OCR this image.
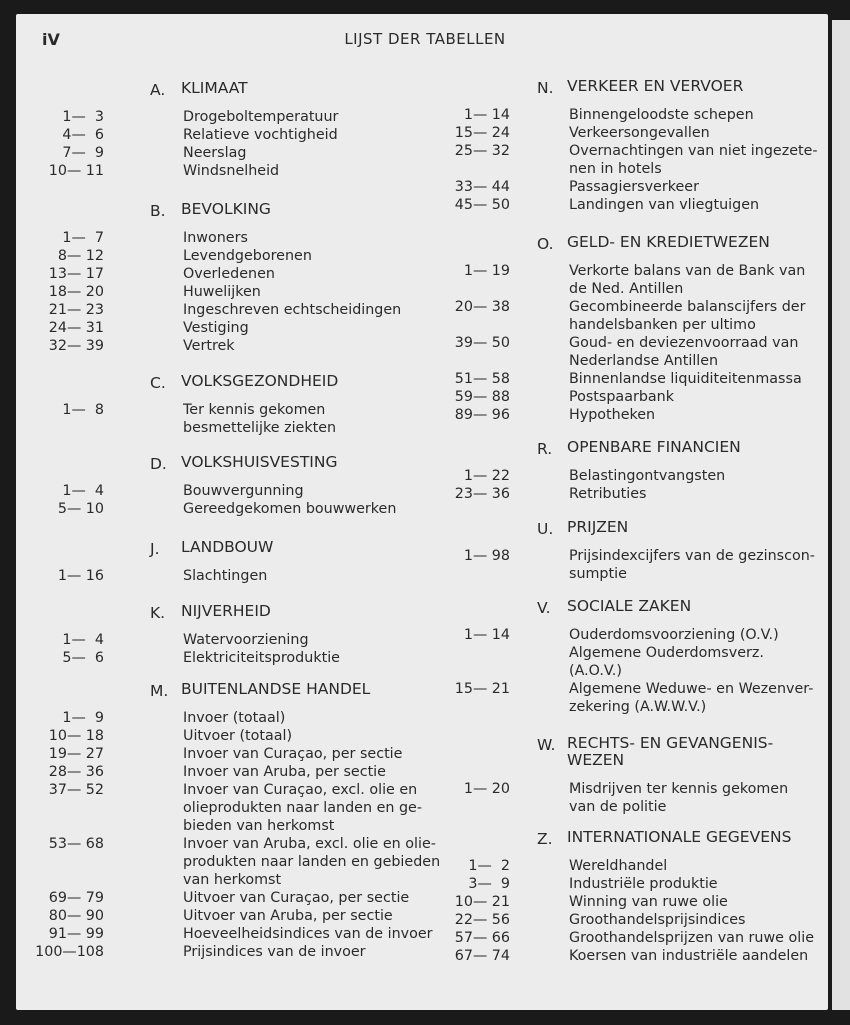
iV	LIJST DER TABELLEN
A. KLIMAAT
1—  3	Drogeboltemperatuur
4—  6	Relatieve vochtigheid
7—  9	Neerslag
10— 11	Windsnelheid
B. BEVOLKING
1—  7	Inwoners
8— 12	Levendgeborenen
13— 17	Overledenen
18— 20	Huwelijken
21— 23	Ingeschreven echtscheidingen
24— 31	Vestiging
32— 39	Vertrek
C. VOLKSGEZONDHEID
1—  8	Ter kennis gekomen
besmettelijke ziekten
D. VOLKSHUISVESTING
1—  4	Bouwvergunning
5— 10	Gereedgekomen bouwwerken
J. LANDBOUW
1— 16	Slachtingen
K. NIJVERHEID
1—  4	Watervoorziening
5—  6	Elektriciteitsproduktie
M. BUITENLANDSE HANDEL
1—  9	Invoer (totaal)
10— 18	Uitvoer (totaal)
19— 27	Invoer van Curaçao, per sectie
28— 36	Invoer van Aruba, per sectie
37— 52	Invoer van Curaçao, excl. olie en
olieprodukten naar landen en ge-
bieden van herkomst
53— 68	Invoer van Aruba, excl. olie en olie-
produkten naar landen en gebieden
van herkomst
69— 79	Uitvoer van Curaçao, per sectie
80— 90	Uitvoer van Aruba, per sectie
91— 99	Hoeveelheidsindices van de invoer
100—108	Prijsindices van de invoer
N. VERKEER EN VERVOER
1— 14	Binnengeloodste schepen
15— 24	Verkeersongevallen
25— 32	Overnachtingen van niet ingezete-
nen in hotels
33— 44	Passagiersverkeer
45— 50	Landingen van vliegtuigen
O. GELD- EN KREDIETWEZEN
1— 19	Verkorte balans van de Bank van
de Ned. Antillen
20— 38	Gecombineerde balanscijfers der
handelsbanken per ultimo
39— 50	Goud- en deviezenvoorraad van
Nederlandse Antillen
51— 58	Binnenlandse liquiditeitenmassa
59— 88	Postspaarbank
89— 96	Hypotheken
R. OPENBARE FINANCIEN
1— 22	Belastingontvangsten
23— 36	Retributies
U. PRIJZEN
1— 98	Prijsindexcijfers van de gezinscon-
sumptie
V. SOCIALE ZAKEN
1— 14	Ouderdomsvoorziening (O.V.)
Algemene Ouderdomsverz.
(A.O.V.)
15— 21	Algemene Weduwe- en Wezenver-
zekering (A.W.W.V.)
W. RECHTS- EN GEVANGENIS-
WEZEN
1— 20	Misdrijven ter kennis gekomen
van de politie
Z. INTERNATIONALE GEGEVENS
1—  2	Wereldhandel
3—  9	Industriële produktie
10— 21	Winning van ruwe olie
22— 56	Groothandelsprijsindices
57— 66	Groothandelsprijzen van ruwe olie
67— 74	Koersen van industriële aandelen
